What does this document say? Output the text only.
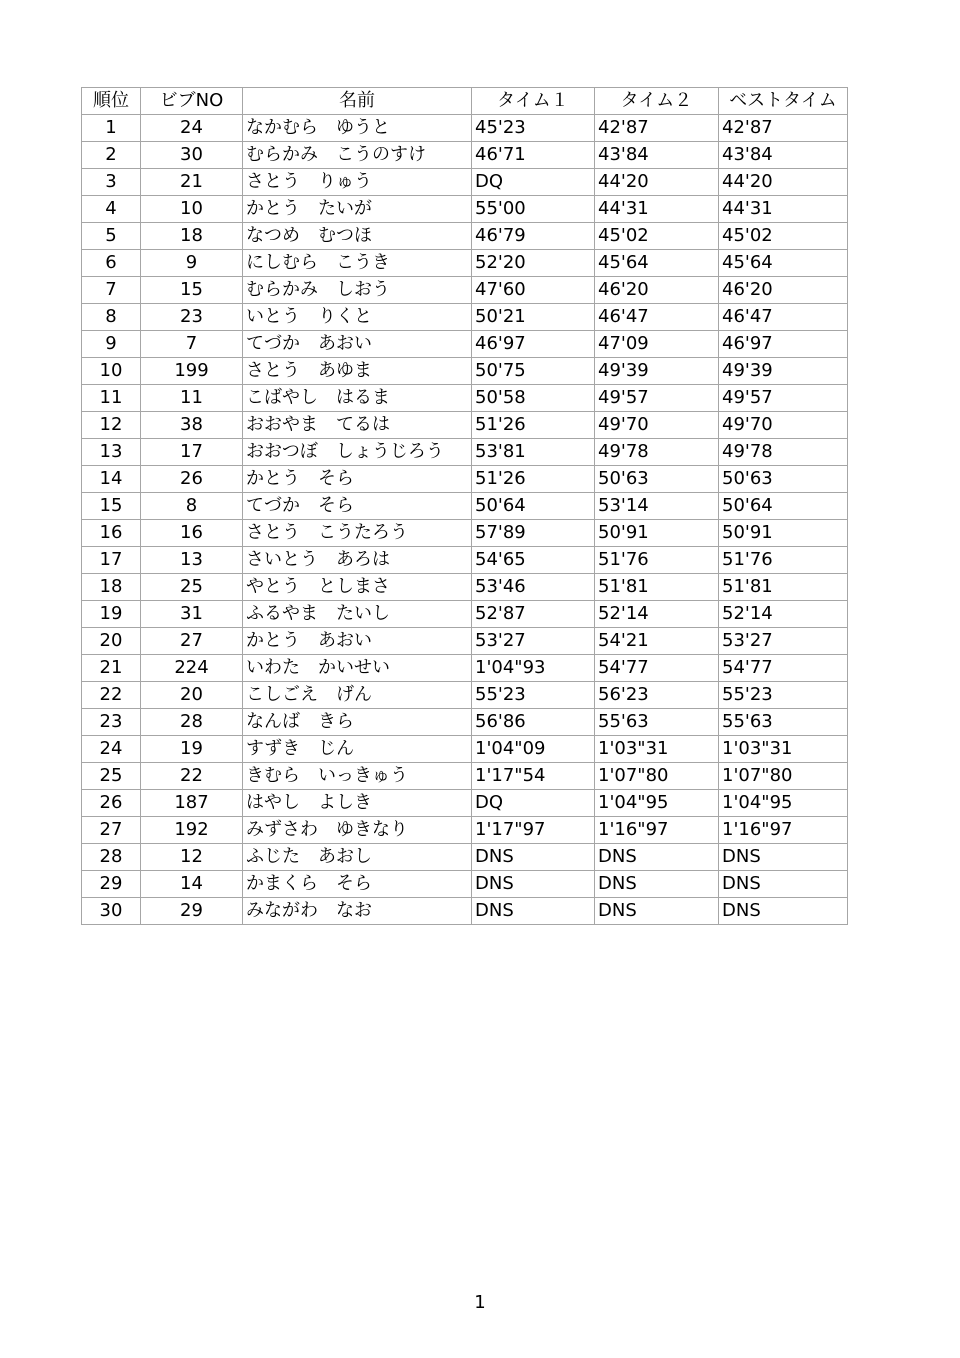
順位	ビブNO	名前	タイム１	タイム２	ベストタイム
1	24	なかむら　ゆうと	45'23	42'87	42'87
2	30	むらかみ　こうのすけ	46'71	43'84	43'84
3	21	さとう　りゅう	DQ	44'20	44'20
4	10	かとう　たいが	55'00	44'31	44'31
5	18	なつめ　むつほ	46'79	45'02	45'02
6	9	にしむら　こうき	52'20	45'64	45'64
7	15	むらかみ　しおう	47'60	46'20	46'20
8	23	いとう　りくと	50'21	46'47	46'47
9	7	てづか　あおい	46'97	47'09	46'97
10	199	さとう　あゆま	50'75	49'39	49'39
11	11	こばやし　はるま	50'58	49'57	49'57
12	38	おおやま　てるは	51'26	49'70	49'70
13	17	おおつぼ　しょうじろう	53'81	49'78	49'78
14	26	かとう　そら	51'26	50'63	50'63
15	8	てづか　そら	50'64	53'14	50'64
16	16	さとう　こうたろう	57'89	50'91	50'91
17	13	さいとう　あろは	54'65	51'76	51'76
18	25	やとう　としまさ	53'46	51'81	51'81
19	31	ふるやま　たいし	52'87	52'14	52'14
20	27	かとう　あおい	53'27	54'21	53'27
21	224	いわた　かいせい	1'04"93	54'77	54'77
22	20	こしごえ　げん	55'23	56'23	55'23
23	28	なんば　きら	56'86	55'63	55'63
24	19	すずき　じん	1'04"09	1'03"31	1'03"31
25	22	きむら　いっきゅう	1'17"54	1'07"80	1'07"80
26	187	はやし　よしき	DQ	1'04"95	1'04"95
27	192	みずさわ　ゆきなり	1'17"97	1'16"97	1'16"97
28	12	ふじた　あおし	DNS	DNS	DNS
29	14	かまくら　そら	DNS	DNS	DNS
30	29	みながわ　なお	DNS	DNS	DNS
1
